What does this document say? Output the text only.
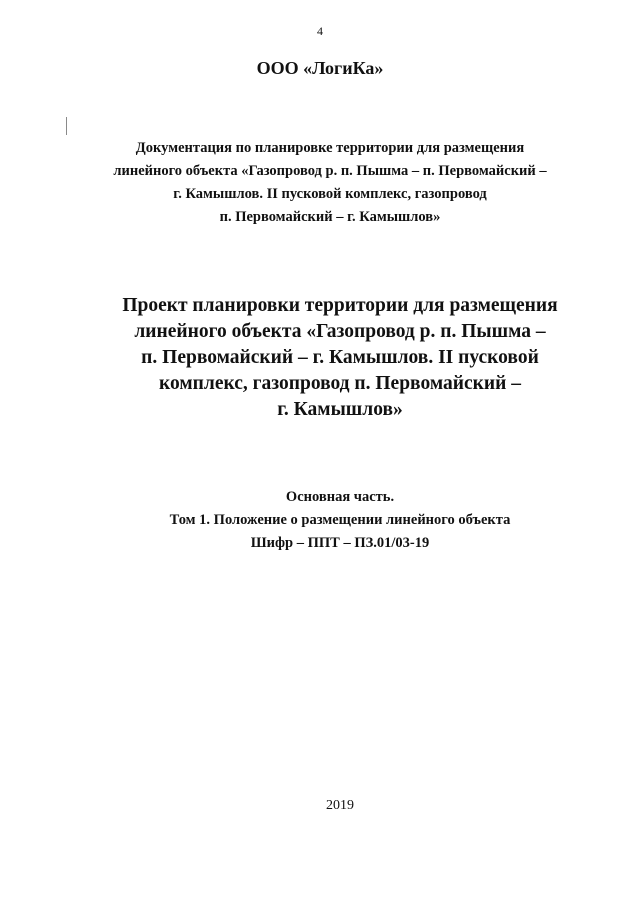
4
ООО «ЛогиКа»
Документация по планировке территории для размещения
линейного объекта «Газопровод р. п. Пышма – п. Первомайский –
г. Камышлов. II пусковой комплекс, газопровод
п. Первомайский – г. Камышлов»
Проект планировки территории для размещения
линейного объекта «Газопровод р. п. Пышма –
п. Первомайский – г. Камышлов. II пусковой
комплекс, газопровод п. Первомайский –
г. Камышлов»
Основная часть.
Том 1. Положение о размещении линейного объекта
Шифр – ППТ – ПЗ.01/03-19
2019
